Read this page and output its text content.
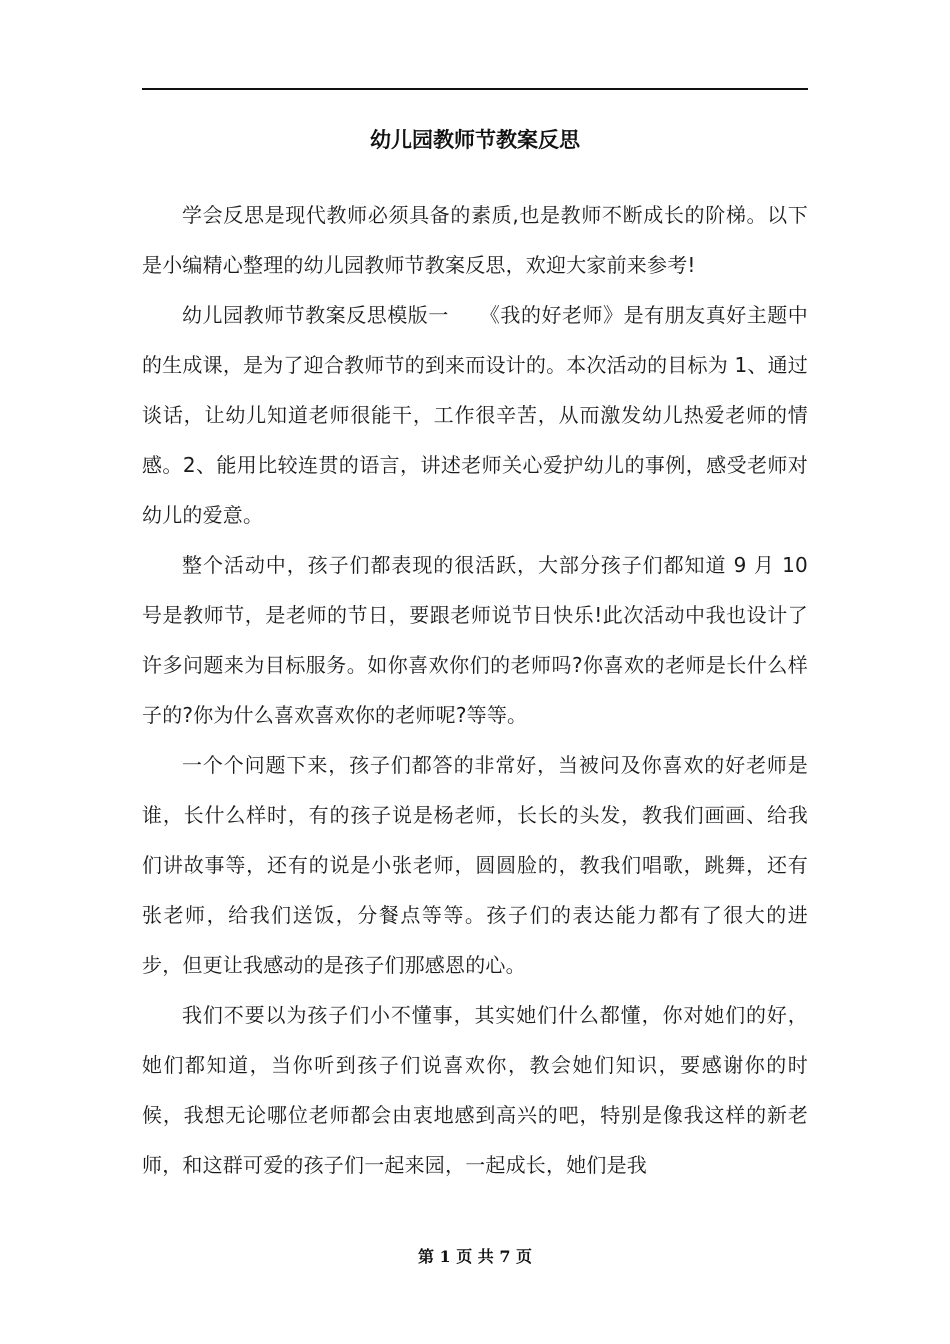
幼儿园教师节教案反思

学会反思是现代教师必须具备的素质,也是教师不断成长的阶梯。以下是小编精心整理的幼儿园教师节教案反思，欢迎大家前来参考!

幼儿园教师节教案反思模版一　　《我的好老师》是有朋友真好主题中的生成课，是为了迎合教师节的到来而设计的。本次活动的目标为 1、通过谈话，让幼儿知道老师很能干，工作很辛苦，从而激发幼儿热爱老师的情感。2、能用比较连贯的语言，讲述老师关心爱护幼儿的事例，感受老师对幼儿的爱意。

整个活动中，孩子们都表现的很活跃，大部分孩子们都知道 9 月 10 号是教师节，是老师的节日，要跟老师说节日快乐!此次活动中我也设计了许多问题来为目标服务。如你喜欢你们的老师吗?你喜欢的老师是长什么样子的?你为什么喜欢喜欢你的老师呢?等等。

一个个问题下来，孩子们都答的非常好，当被问及你喜欢的好老师是谁，长什么样时，有的孩子说是杨老师，长长的头发，教我们画画、给我们讲故事等，还有的说是小张老师，圆圆脸的，教我们唱歌，跳舞，还有张老师，给我们送饭，分餐点等等。孩子们的表达能力都有了很大的进步，但更让我感动的是孩子们那感恩的心。

我们不要以为孩子们小不懂事，其实她们什么都懂，你对她们的好，她们都知道，当你听到孩子们说喜欢你，教会她们知识，要感谢你的时候，我想无论哪位老师都会由衷地感到高兴的吧，特别是像我这样的新老师，和这群可爱的孩子们一起来园，一起成长，她们是我

第 1 页 共 7 页
